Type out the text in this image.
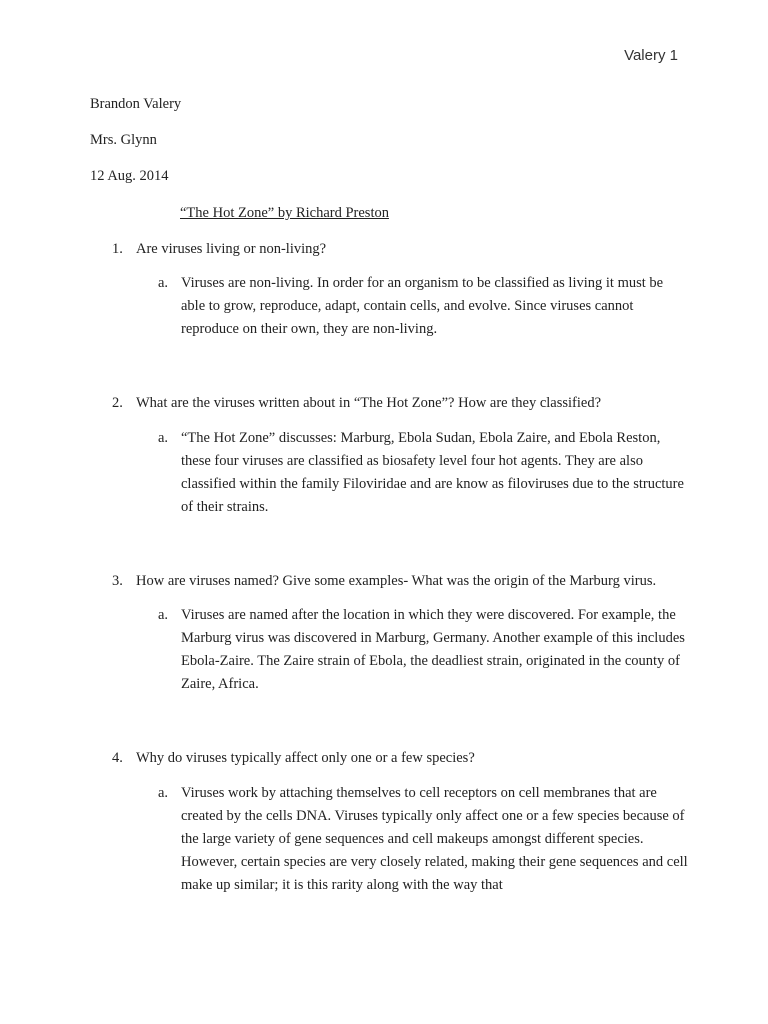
Valery 1
Brandon Valery
Mrs. Glynn
12 Aug. 2014
“The Hot Zone” by Richard Preston
1. Are viruses living or non-living?
a. Viruses are non-living. In order for an organism to be classified as living it must be able to grow, reproduce, adapt, contain cells, and evolve. Since viruses cannot reproduce on their own, they are non-living.
2. What are the viruses written about in “The Hot Zone”? How are they classified?
a. “The Hot Zone” discusses: Marburg, Ebola Sudan, Ebola Zaire, and Ebola Reston, these four viruses are classified as biosafety level four hot agents. They are also classified within the family Filoviridae and are know as filoviruses due to the structure of their strains.
3. How are viruses named? Give some examples- What was the origin of the Marburg virus.
a. Viruses are named after the location in which they were discovered. For example, the Marburg virus was discovered in Marburg, Germany. Another example of this includes Ebola-Zaire. The Zaire strain of Ebola, the deadliest strain, originated in the county of Zaire, Africa.
4. Why do viruses typically affect only one or a few species?
a. Viruses work by attaching themselves to cell receptors on cell membranes that are created by the cells DNA. Viruses typically only affect one or a few species because of the large variety of gene sequences and cell makeups amongst different species. However, certain species are very closely related, making their gene sequences and cell make up similar; it is this rarity along with the way that
